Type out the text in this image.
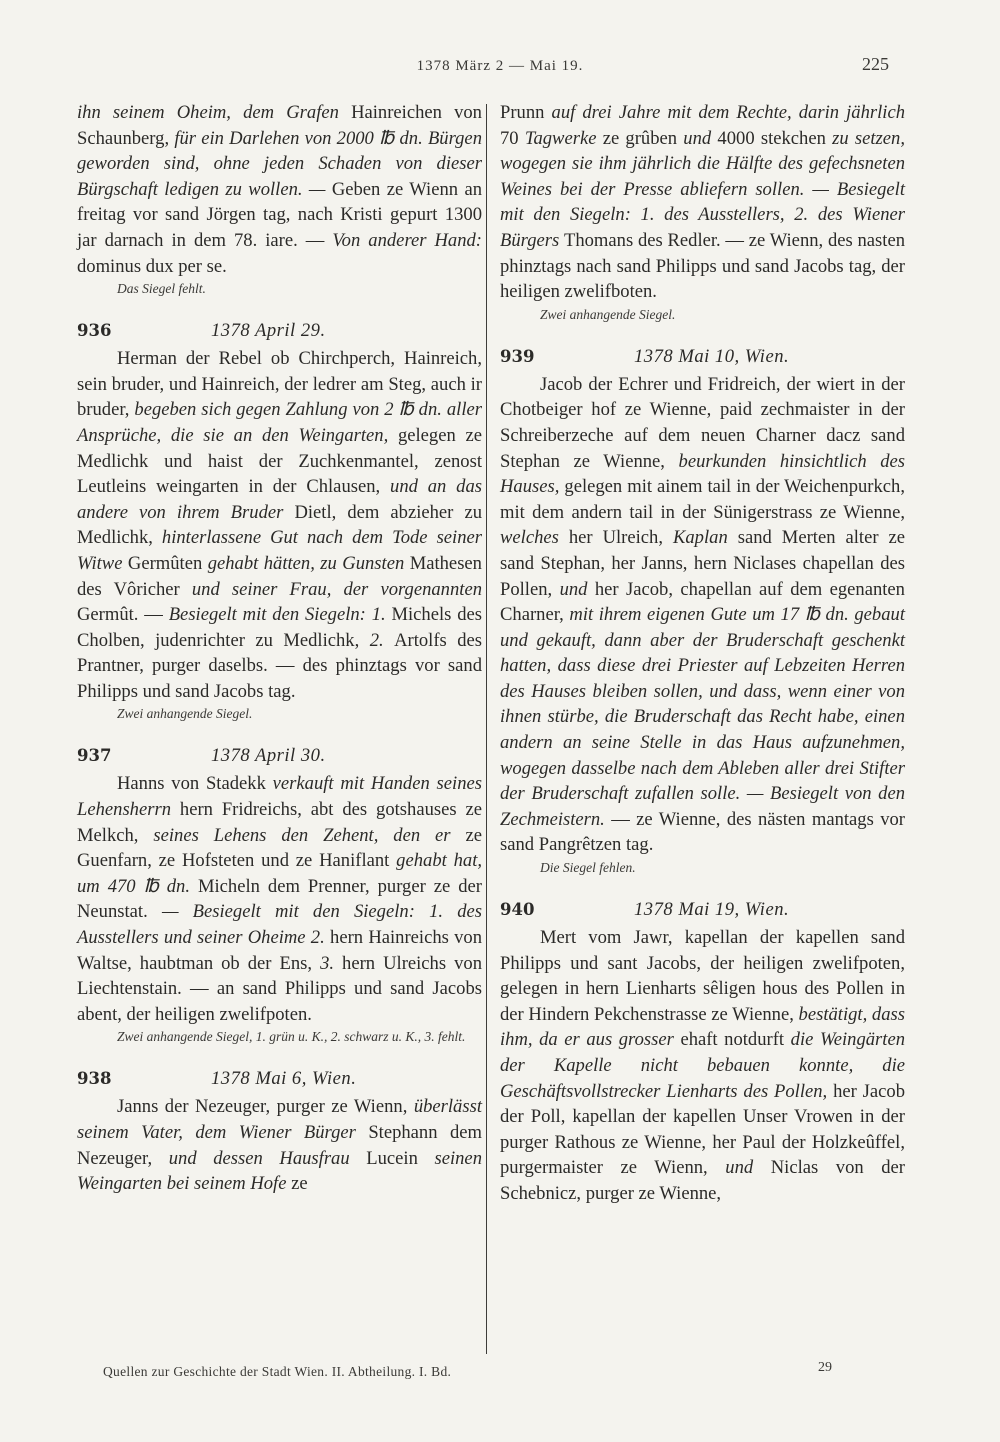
1378 März 2 — Mai 19.	225

ihn seinem Oheim, dem Grafen Hainreichen von Schaunberg, für ein Darlehen von 2000 ℔ dn. Bürgen geworden sind, ohne jeden Schaden von dieser Bürgschaft ledigen zu wollen. — Geben ze Wienn an freitag vor sand Jörgen tag, nach Kristi gepurt 1300 jar darnach in dem 78. iare. — Von anderer Hand: dominus dux per se.

Das Siegel fehlt.
936	1378 April 29.

Herman der Rebel ob Chirchperch, Hainreich, sein bruder, und Hainreich, der ledrer am Steg, auch ir bruder, begeben sich gegen Zahlung von 2 ℔ dn. aller Ansprüche, die sie an den Weingarten, gelegen ze Medlichk und haist der Zuchkenmantel, zenost Leutleins weingarten in der Chlausen, und an das andere von ihrem Bruder Dietl, dem abzieher zu Medlichk, hinterlassene Gut nach dem Tode seiner Witwe Germûten gehabt hätten, zu Gunsten Mathesen des Vôricher und seiner Frau, der vorgenannten Germût. — Besiegelt mit den Siegeln: 1. Michels des Cholben, judenrichter zu Medlichk, 2. Artolfs des Prantner, purger daselbs. — des phinztags vor sand Philipps und sand Jacobs tag.

Zwei anhangende Siegel.
937	1378 April 30.

Hanns von Stadekk verkauft mit Handen seines Lehensherrn hern Fridreichs, abt des gotshauses ze Melkch, seines Lehens den Zehent, den er ze Guenfarn, ze Hofsteten und ze Haniflant gehabt hat, um 470 ℔ dn. Micheln dem Prenner, purger ze der Neunstat. — Besiegelt mit den Siegeln: 1. des Ausstellers und seiner Oheime 2. hern Hainreichs von Waltse, haubtman ob der Ens, 3. hern Ulreichs von Liechtenstain. — an sand Philipps und sand Jacobs abent, der heiligen zwelifpoten.

Zwei anhangende Siegel, 1. grün u. K., 2. schwarz u. K., 3. fehlt.
938	1378 Mai 6, Wien.

Janns der Nezeuger, purger ze Wienn, überlässt seinem Vater, dem Wiener Bürger Stephann dem Nezeuger, und dessen Hausfrau Lucein seinen Weingarten bei seinem Hofe ze

Prunn auf drei Jahre mit dem Rechte, darin jährlich 70 Tagwerke ze grûben und 4000 stekchen zu setzen, wogegen sie ihm jährlich die Hälfte des gefechsneten Weines bei der Presse abliefern sollen. — Besiegelt mit den Siegeln: 1. des Ausstellers, 2. des Wiener Bürgers Thomans des Redler. — ze Wienn, des nasten phinztags nach sand Philipps und sand Jacobs tag, der heiligen zwelifboten.

Zwei anhangende Siegel.
939	1378 Mai 10, Wien.

Jacob der Echrer und Fridreich, der wiert in der Chotbeiger hof ze Wienne, paid zechmaister in der Schreiberzeche auf dem neuen Charner dacz sand Stephan ze Wienne, beurkunden hinsichtlich des Hauses, gelegen mit ainem tail in der Weichenpurkch, mit dem andern tail in der Sünigerstrass ze Wienne, welches her Ulreich, Kaplan sand Merten alter ze sand Stephan, her Janns, hern Niclases chapellan des Pollen, und her Jacob, chapellan auf dem egenanten Charner, mit ihrem eigenen Gute um 17 ℔ dn. gebaut und gekauft, dann aber der Bruderschaft geschenkt hatten, dass diese drei Priester auf Lebzeiten Herren des Hauses bleiben sollen, und dass, wenn einer von ihnen stürbe, die Bruderschaft das Recht habe, einen andern an seine Stelle in das Haus aufzunehmen, wogegen dasselbe nach dem Ableben aller drei Stifter der Bruderschaft zufallen solle. — Besiegelt von den Zechmeistern. — ze Wienne, des nästen mantags vor sand Pangrêtzen tag.

Die Siegel fehlen.
940	1378 Mai 19, Wien.

Mert vom Jawr, kapellan der kapellen sand Philipps und sant Jacobs, der heiligen zwelifpoten, gelegen in hern Lienharts sêligen hous des Pollen in der Hindern Pekchenstrasse ze Wienne, bestätigt, dass ihm, da er aus grosser ehaft notdurft die Weingärten der Kapelle nicht bebauen konnte, die Geschäftsvollstrecker Lienharts des Pollen, her Jacob der Poll, kapellan der kapellen Unser Vrowen in der purger Rathous ze Wienne, her Paul der Holzkeûffel, purgermaister ze Wienn, und Niclas von der Schebnicz, purger ze Wienne,

Quellen zur Geschichte der Stadt Wien. II. Abtheilung. I. Bd.	29
